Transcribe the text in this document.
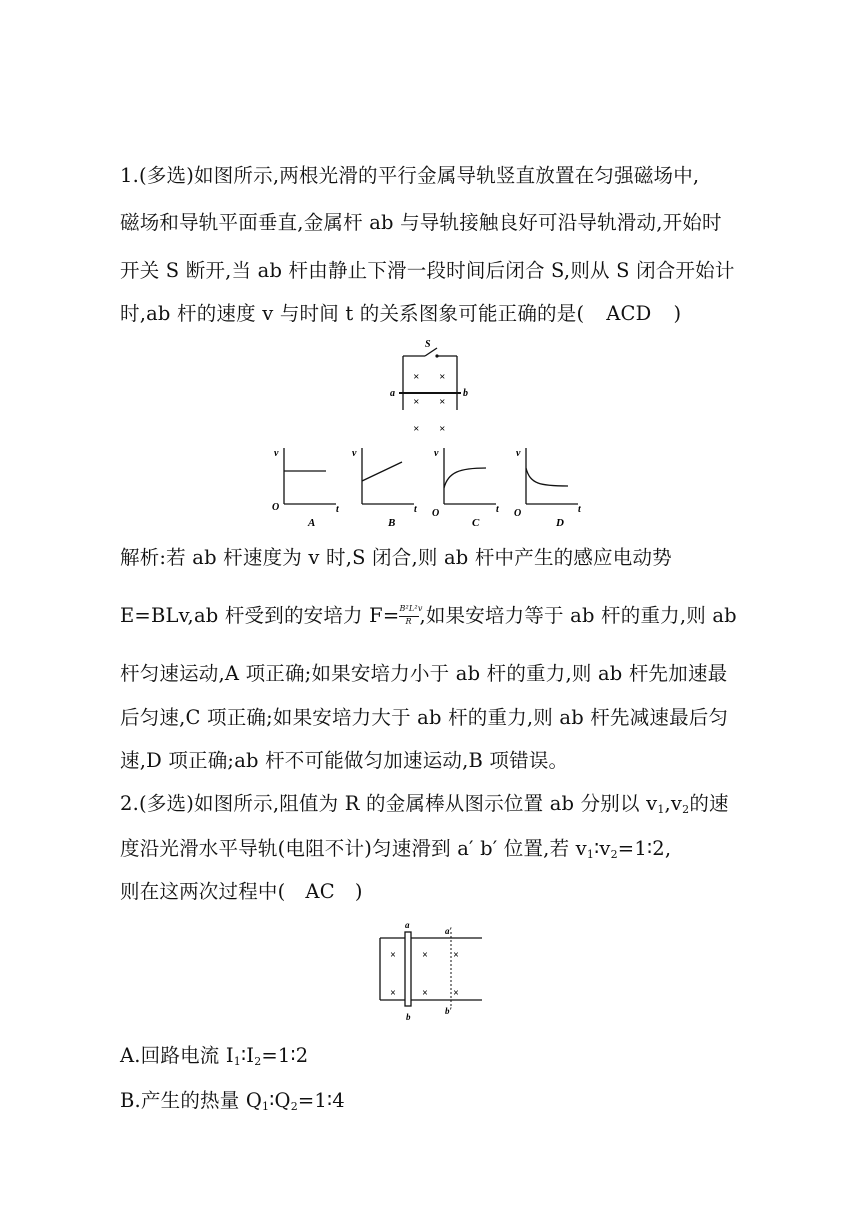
1.(多选)如图所示,两根光滑的平行金属导轨竖直放置在匀强磁场中,
磁场和导轨平面垂直,金属杆 ab 与导轨接触良好可沿导轨滑动,开始时
开关 S 断开,当 ab 杆由静止下滑一段时间后闭合 S,则从 S 闭合开始计
时,ab 杆的速度 v 与时间 t 的关系图象可能正确的是( ACD )
S
a	b
× ×
× ×
× ×
v
t
O
A
v
t
B
v
t
O
C
v
t
O
D
解析:若 ab 杆速度为 v 时,S 闭合,则 ab 杆中产生的感应电动势
E=BLv,ab 杆受到的安培力 $F= \frac{\text{B²L²v}}{R}$ ,如果安培力等于 ab 杆的重力,则 ab
杆匀速运动,A 项正确;如果安培力小于 ab 杆的重力,则 ab 杆先加速最
后匀速,C 项正确;如果安培力大于 ab 杆的重力,则 ab 杆先减速最后匀
速,D 项正确;ab 杆不可能做匀加速运动,B 项错误。
2.(多选)如图所示,阻值为 R 的金属棒从图示位置 ab 分别以 $v_1,v_2$的速
度沿光滑水平导轨(电阻不计)匀速滑到 a′ b′ 位置,若 $v_1∶v_2=1∶2$,
则在这两次过程中( AC )
a
b
a′
b′
×	×	×
×	×	×
A.回路电流 $I_1∶I_2=1∶2$
B.产生的热量 $Q_1∶Q_2=1∶4$
